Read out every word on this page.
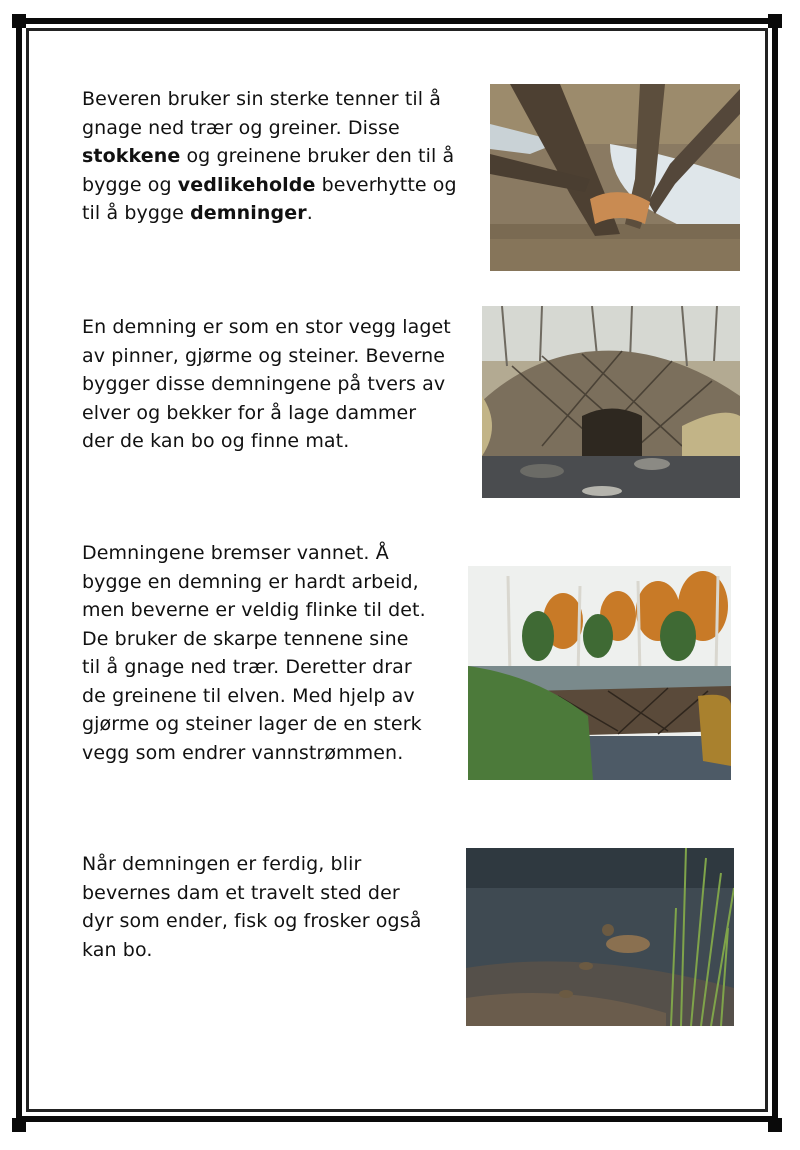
Beveren bruker sin sterke tenner til å
gnage ned trær og greiner. Disse
stokkene og greinene bruker den til å
bygge og vedlikeholde beverhytte og
til å bygge demninger.

En demning er som en stor vegg laget
av pinner, gjørme og steiner. Beverne
bygger disse demningene på tvers av
elver og bekker for å lage dammer
der de kan bo og finne mat.

Demningene bremser vannet. Å
bygge en demning er hardt arbeid,
men beverne er veldig flinke til det.
De bruker de skarpe tennene sine
til å gnage ned trær. Deretter drar
de greinene til elven. Med hjelp av
gjørme og steiner lager de en sterk
vegg som endrer vannstrømmen.

Når demningen er ferdig, blir
bevernes dam et travelt sted der
dyr som ender, fisk og frosker også
kan bo.
